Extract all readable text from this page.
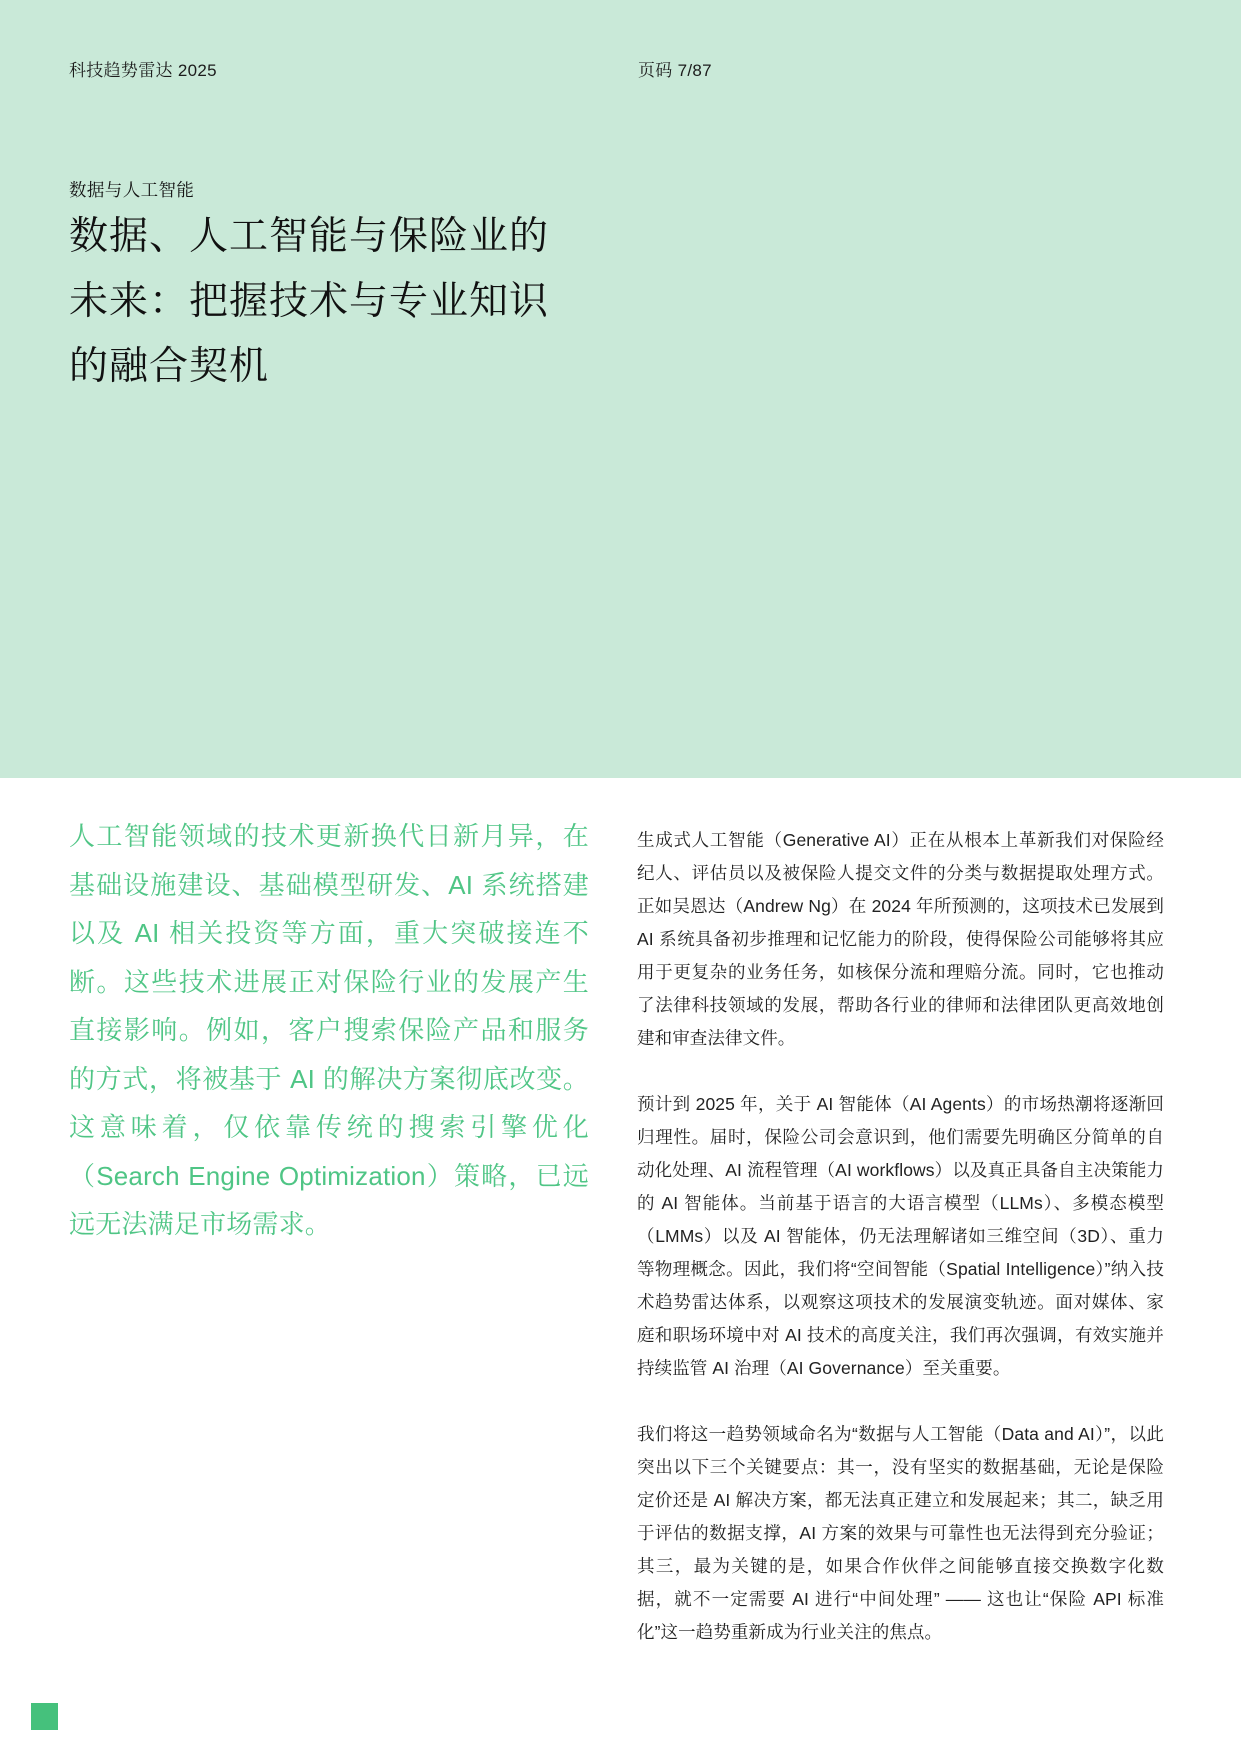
科技趋势雷达 2025	页码 7/87
数据与人工智能
数据、人工智能与保险业的
未来：把握技术与专业知识
的融合契机
人工智能领域的技术更新换代日新月异，在基础设施建设、基础模型研发、AI 系统搭建以及 AI 相关投资等方面，重大突破接连不断。这些技术进展正对保险行业的发展产生直接影响。例如，客户搜索保险产品和服务的方式，将被基于 AI 的解决方案彻底改变。这意味着，仅依靠传统的搜索引擎优化（Search Engine Optimization）策略，已远远无法满足市场需求。

生成式人工智能（Generative AI）正在从根本上革新我们对保险经纪人、评估员以及被保险人提交文件的分类与数据提取处理方式。正如吴恩达（Andrew Ng）在 2024 年所预测的，这项技术已发展到 AI 系统具备初步推理和记忆能力的阶段，使得保险公司能够将其应用于更复杂的业务任务，如核保分流和理赔分流。同时，它也推动了法律科技领域的发展，帮助各行业的律师和法律团队更高效地创建和审查法律文件。

预计到 2025 年，关于 AI 智能体（AI Agents）的市场热潮将逐渐回归理性。届时，保险公司会意识到，他们需要先明确区分简单的自动化处理、AI 流程管理（AI workflows）以及真正具备自主决策能力的 AI 智能体。当前基于语言的大语言模型（LLMs）、多模态模型（LMMs）以及 AI 智能体，仍无法理解诸如三维空间（3D）、重力等物理概念。因此，我们将“空间智能（Spatial Intelligence）”纳入技术趋势雷达体系，以观察这项技术的发展演变轨迹。面对媒体、家庭和职场环境中对 AI 技术的高度关注，我们再次强调，有效实施并持续监管 AI 治理（AI Governance）至关重要。

我们将这一趋势领域命名为“数据与人工智能（Data and AI）”，以此突出以下三个关键要点：其一，没有坚实的数据基础，无论是保险定价还是 AI 解决方案，都无法真正建立和发展起来；其二，缺乏用于评估的数据支撑，AI 方案的效果与可靠性也无法得到充分验证；其三，最为关键的是，如果合作伙伴之间能够直接交换数字化数据，就不一定需要 AI 进行“中间处理” —— 这也让“保险 API 标准化”这一趋势重新成为行业关注的焦点。
